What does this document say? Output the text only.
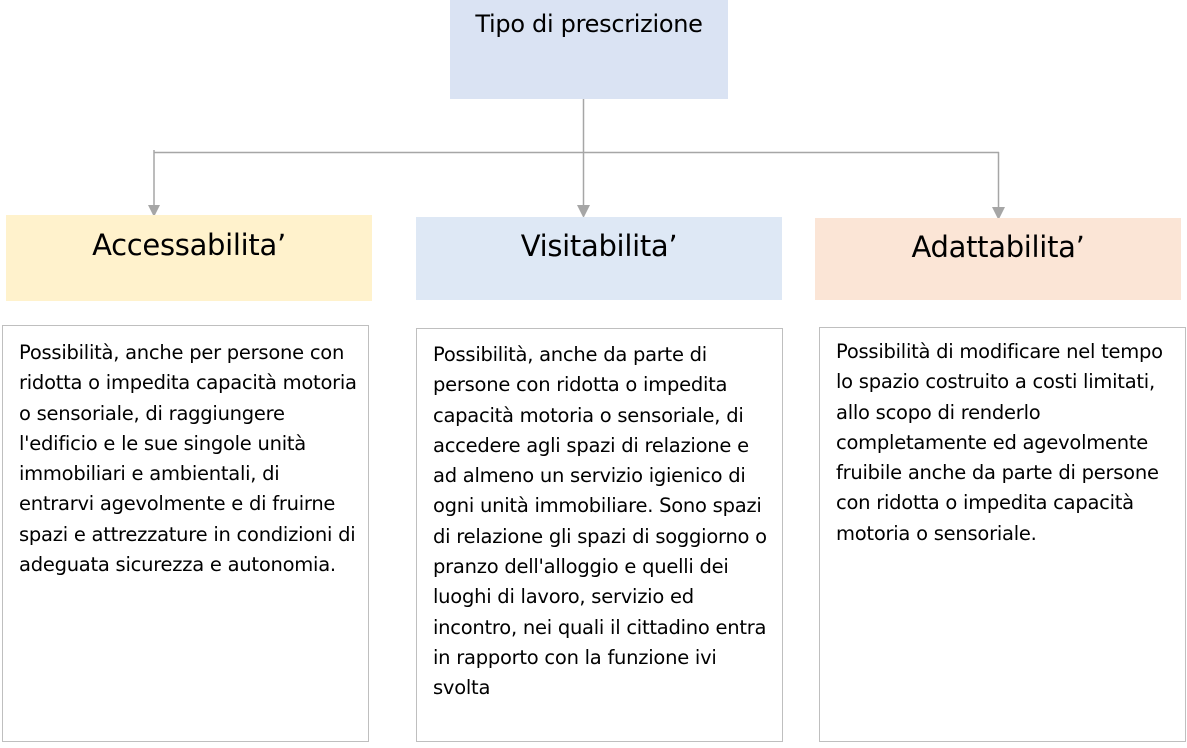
Tipo di prescrizione
Accessabilita’	Visitabilita’	Adattabilita’
Possibilità, anche per persone con ridotta o impedita capacità motoria o sensoriale, di raggiungere l'edificio e le sue singole unità immobiliari e ambientali, di entrarvi agevolmente e di fruirne spazi e attrezzature in condizioni di adeguata sicurezza e autonomia.
Possibilità, anche da parte di persone con ridotta o impedita capacità motoria o sensoriale, di accedere agli spazi di relazione e ad almeno un servizio igienico di ogni unità immobiliare. Sono spazi di relazione gli spazi di soggiorno o pranzo dell'alloggio e quelli dei luoghi di lavoro, servizio ed incontro, nei quali il cittadino entra in rapporto con la funzione ivi svolta
Possibilità di modificare nel tempo lo spazio costruito a costi limitati, allo scopo di renderlo completamente ed agevolmente fruibile anche da parte di persone con ridotta o impedita capacità motoria o sensoriale.
